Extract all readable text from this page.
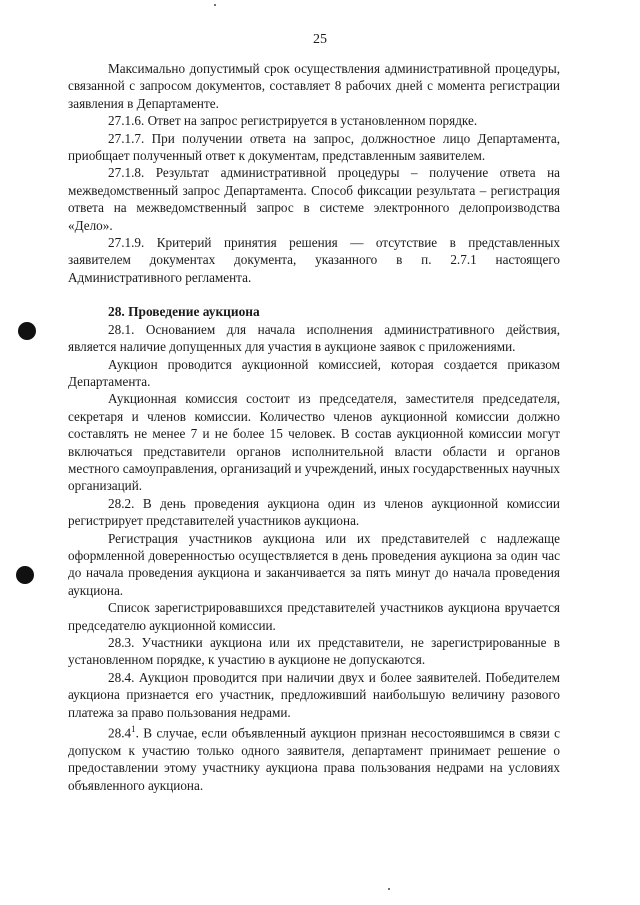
25

Максимально допустимый срок осуществления административной процедуры, связанной с запросом документов, составляет 8 рабочих дней с момента регистрации заявления в Департаменте.

27.1.6. Ответ на запрос регистрируется в установленном порядке.

27.1.7. При получении ответа на запрос, должностное лицо Департамента, приобщает полученный ответ к документам, представленным заявителем.

27.1.8. Результат административной процедуры – получение ответа на межведомственный запрос Департамента. Способ фиксации результата – регистрация ответа на межведомственный запрос в системе электронного делопроизводства «Дело».

27.1.9. Критерий принятия решения — отсутствие в представленных заявителем документах документа, указанного в п. 2.7.1 настоящего Административного регламента.

28. Проведение аукциона

28.1. Основанием для начала исполнения административного действия, является наличие допущенных для участия в аукционе заявок с приложениями.

Аукцион проводится аукционной комиссией, которая создается приказом Департамента.

Аукционная комиссия состоит из председателя, заместителя председателя, секретаря и членов комиссии. Количество членов аукционной комиссии должно составлять не менее 7 и не более 15 человек. В состав аукционной комиссии могут включаться представители органов исполнительной власти области и органов местного самоуправления, организаций и учреждений, иных государственных научных организаций.

28.2. В день проведения аукциона один из членов аукционной комиссии регистрирует представителей участников аукциона.

Регистрация участников аукциона или их представителей с надлежаще оформленной доверенностью осуществляется в день проведения аукциона за один час до начала проведения аукциона и заканчивается за пять минут до начала проведения аукциона.

Список зарегистрировавшихся представителей участников аукциона вручается председателю аукционной комиссии.

28.3. Участники аукциона или их представители, не зарегистрированные в установленном порядке, к участию в аукционе не допускаются.

28.4. Аукцион проводится при наличии двух и более заявителей. Победителем аукциона признается его участник, предложивший наибольшую величину разового платежа за право пользования недрами.

28.4$^1$. В случае, если объявленный аукцион признан несостоявшимся в связи с допуском к участию только одного заявителя, департамент принимает решение о предоставлении этому участнику аукциона права пользования недрами на условиях объявленного аукциона.
